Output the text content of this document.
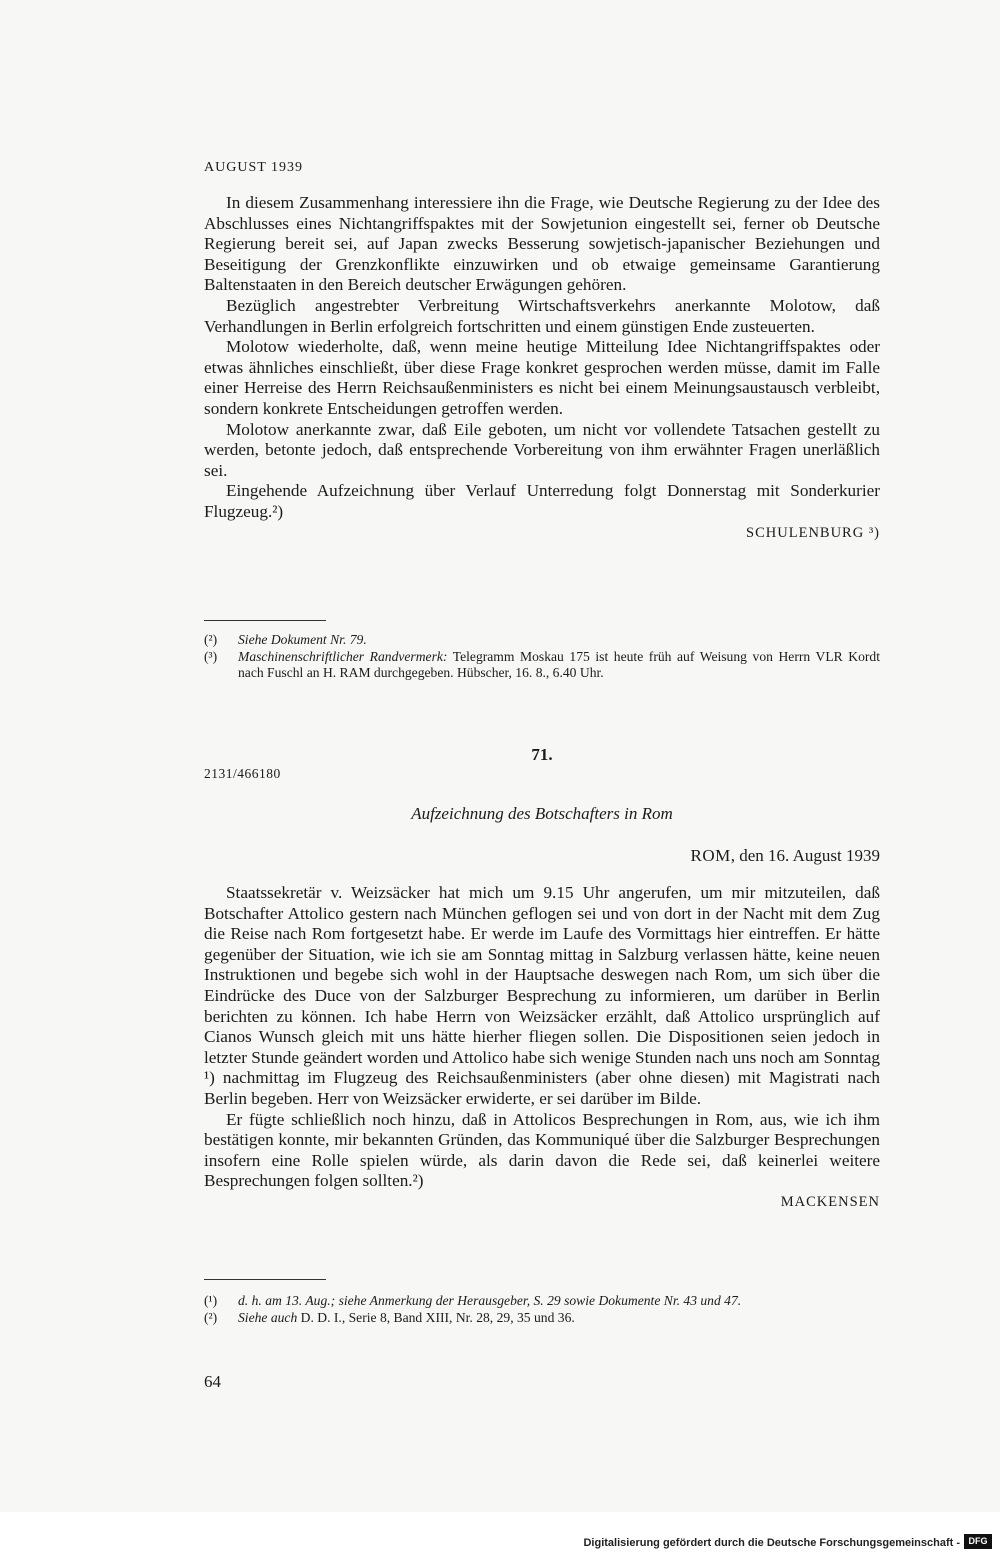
AUGUST 1939

In diesem Zusammenhang interessiere ihn die Frage, wie Deutsche Regierung zu der Idee des Abschlusses eines Nichtangriffspaktes mit der Sowjetunion eingestellt sei, ferner ob Deutsche Regierung bereit sei, auf Japan zwecks Besserung sowjetisch-japanischer Beziehungen und Beseitigung der Grenzkonflikte einzuwirken und ob etwaige gemeinsame Garantierung Baltenstaaten in den Bereich deutscher Erwägungen gehören.

Bezüglich angestrebter Verbreitung Wirtschaftsverkehrs anerkannte Molotow, daß Verhandlungen in Berlin erfolgreich fortschritten und einem günstigen Ende zusteuerten.

Molotow wiederholte, daß, wenn meine heutige Mitteilung Idee Nichtangriffspaktes oder etwas ähnliches einschließt, über diese Frage konkret gesprochen werden müsse, damit im Falle einer Herreise des Herrn Reichsaußenministers es nicht bei einem Meinungsaustausch verbleibt, sondern konkrete Entscheidungen getroffen werden.

Molotow anerkannte zwar, daß Eile geboten, um nicht vor vollendete Tatsachen gestellt zu werden, betonte jedoch, daß entsprechende Vorbereitung von ihm erwähnter Fragen unerläßlich sei.

Eingehende Aufzeichnung über Verlauf Unterredung folgt Donnerstag mit Sonderkurier Flugzeug.²)

SCHULENBURG ³)
(²)	Siehe Dokument Nr. 79.
(³)	Maschinenschriftlicher Randvermerk: Telegramm Moskau 175 ist heute früh auf Weisung von Herrn VLR Kordt nach Fuschl an H. RAM durchgegeben. Hübscher, 16. 8., 6.40 Uhr.
71.
2131/466180
Aufzeichnung des Botschafters in Rom
ROM, den 16. August 1939

Staatssekretär v. Weizsäcker hat mich um 9.15 Uhr angerufen, um mir mitzuteilen, daß Botschafter Attolico gestern nach München geflogen sei und von dort in der Nacht mit dem Zug die Reise nach Rom fortgesetzt habe. Er werde im Laufe des Vormittags hier eintreffen. Er hätte gegenüber der Situation, wie ich sie am Sonntag mittag in Salzburg verlassen hätte, keine neuen Instruktionen und begebe sich wohl in der Hauptsache deswegen nach Rom, um sich über die Eindrücke des Duce von der Salzburger Besprechung zu informieren, um darüber in Berlin berichten zu können. Ich habe Herrn von Weizsäcker erzählt, daß Attolico ursprünglich auf Cianos Wunsch gleich mit uns hätte hierher fliegen sollen. Die Dispositionen seien jedoch in letzter Stunde geändert worden und Attolico habe sich wenige Stunden nach uns noch am Sonntag ¹) nachmittag im Flugzeug des Reichsaußenministers (aber ohne diesen) mit Magistrati nach Berlin begeben. Herr von Weizsäcker erwiderte, er sei darüber im Bilde.

Er fügte schließlich noch hinzu, daß in Attolicos Besprechungen in Rom, aus, wie ich ihm bestätigen konnte, mir bekannten Gründen, das Kommuniqué über die Salzburger Besprechungen insofern eine Rolle spielen würde, als darin davon die Rede sei, daß keinerlei weitere Besprechungen folgen sollten.²)

MACKENSEN
(¹)	d. h. am 13. Aug.; siehe Anmerkung der Herausgeber, S. 29 sowie Dokumente Nr. 43 und 47.
(²)	Siehe auch D. D. I., Serie 8, Band XIII, Nr. 28, 29, 35 und 36.
64
Digitalisierung gefördert durch die Deutsche Forschungsgemeinschaft - DFG
